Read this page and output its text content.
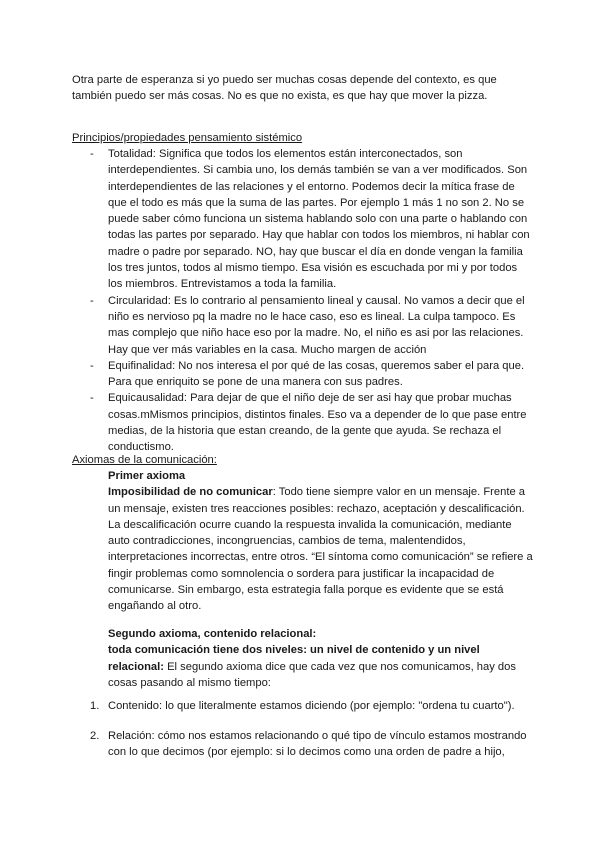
Otra parte de esperanza si yo puedo ser muchas cosas depende del contexto, es que también puedo ser más cosas. No es que no exista, es que hay que mover la pizza.
Principios/propiedades pensamiento sistémico
- Totalidad: Significa que todos los elementos están interconectados, son interdependientes. Si cambia uno, los demás también se van a ver modificados. Son interdependientes de las relaciones y el entorno. Podemos decir la mítica frase de que el todo es más que la suma de las partes. Por ejemplo 1 más 1 no son 2. No se puede saber cómo funciona un sistema hablando solo con una parte o hablando con todas las partes por separado. Hay que hablar con todos los miembros, ni hablar con madre o padre por separado. NO, hay que buscar el día en donde vengan la familia los tres juntos, todos al mismo tiempo. Esa visión es escuchada por mi y por todos los miembros. Entrevistamos a toda la familia.
- Circularidad: Es lo contrario al pensamiento lineal y causal. No vamos a decir que el niño es nervioso pq la madre no le hace caso, eso es lineal. La culpa tampoco. Es mas complejo que niño hace eso por la madre. No, el niño es asi por las relaciones. Hay que ver más variables en la casa. Mucho margen de acción
- Equifinalidad: No nos interesa el por qué de las cosas, queremos saber el para que. Para que enriquito se pone de una manera con sus padres.
- Equicausalidad: Para dejar de que el niño deje de ser asi hay que probar muchas cosas.mMismos principios, distintos finales. Eso va a depender de lo que pase entre medias, de la historia que estan creando, de la gente que ayuda. Se rechaza el conductismo.
Axiomas de la comunicación:
Primer axioma
Imposibilidad de no comunicar: Todo tiene siempre valor en un mensaje. Frente a un mensaje, existen tres reacciones posibles: rechazo, aceptación y descalificación. La descalificación ocurre cuando la respuesta invalida la comunicación, mediante auto contradicciones, incongruencias, cambios de tema, malentendidos, interpretaciones incorrectas, entre otros. “El síntoma como comunicación” se refiere a fingir problemas como somnolencia o sordera para justificar la incapacidad de comunicarse. Sin embargo, esta estrategia falla porque es evidente que se está engañando al otro.
Segundo axioma, contenido relacional:
toda comunicación tiene dos niveles: un nivel de contenido y un nivel relacional: El segundo axioma dice que cada vez que nos comunicamos, hay dos cosas pasando al mismo tiempo:
1. Contenido: lo que literalmente estamos diciendo (por ejemplo: "ordena tu cuarto").
2. Relación: cómo nos estamos relacionando o qué tipo de vínculo estamos mostrando con lo que decimos (por ejemplo: si lo decimos como una orden de padre a hijo,
